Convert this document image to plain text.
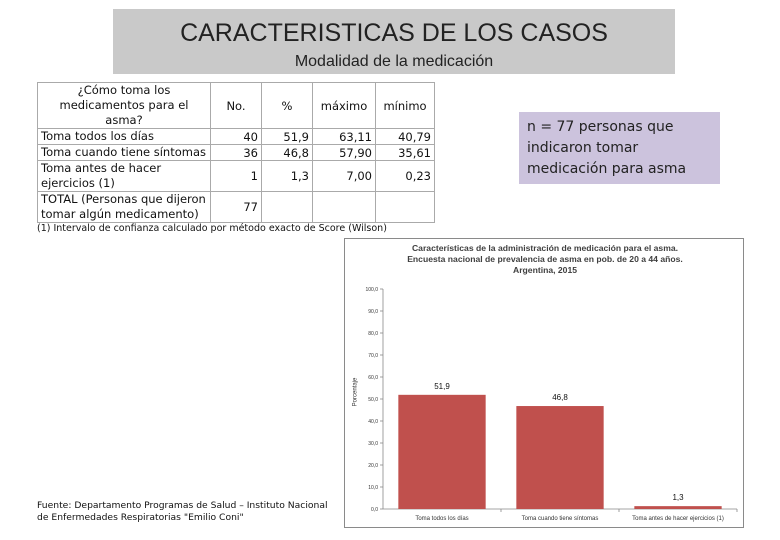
CARACTERISTICAS DE LOS CASOS
Modalidad de la medicación
¿Cómo toma los medicamentos para el asma?	No.	%	máximo	mínimo
Toma todos los días	40	51,9	63,11	40,79
Toma cuando tiene síntomas	36	46,8	57,90	35,61
Toma antes de hacer ejercicios (1)	1	1,3	7,00	0,23
TOTAL (Personas que dijeron tomar algún medicamento)	77			
(1) Intervalo de confianza calculado por método exacto de Score (Wilson)
n = 77 personas que indicaron tomar medicación para asma
Características de la administración de medicación para el asma.
Encuesta nacional de prevalencia de asma en pob. de 20 a 44 años.
Argentina, 2015
Porcentaje
0,0
10,0
20,0
30,0
40,0
50,0
60,0
70,0
80,0
90,0
100,0
51,9
Toma todos los días
46,8
Toma cuando tiene síntomas
1,3
Toma antes de hacer ejercicios (1)
Fuente: Departamento Programas de Salud – Instituto Nacional de Enfermedades Respiratorias "Emilio Coni"
